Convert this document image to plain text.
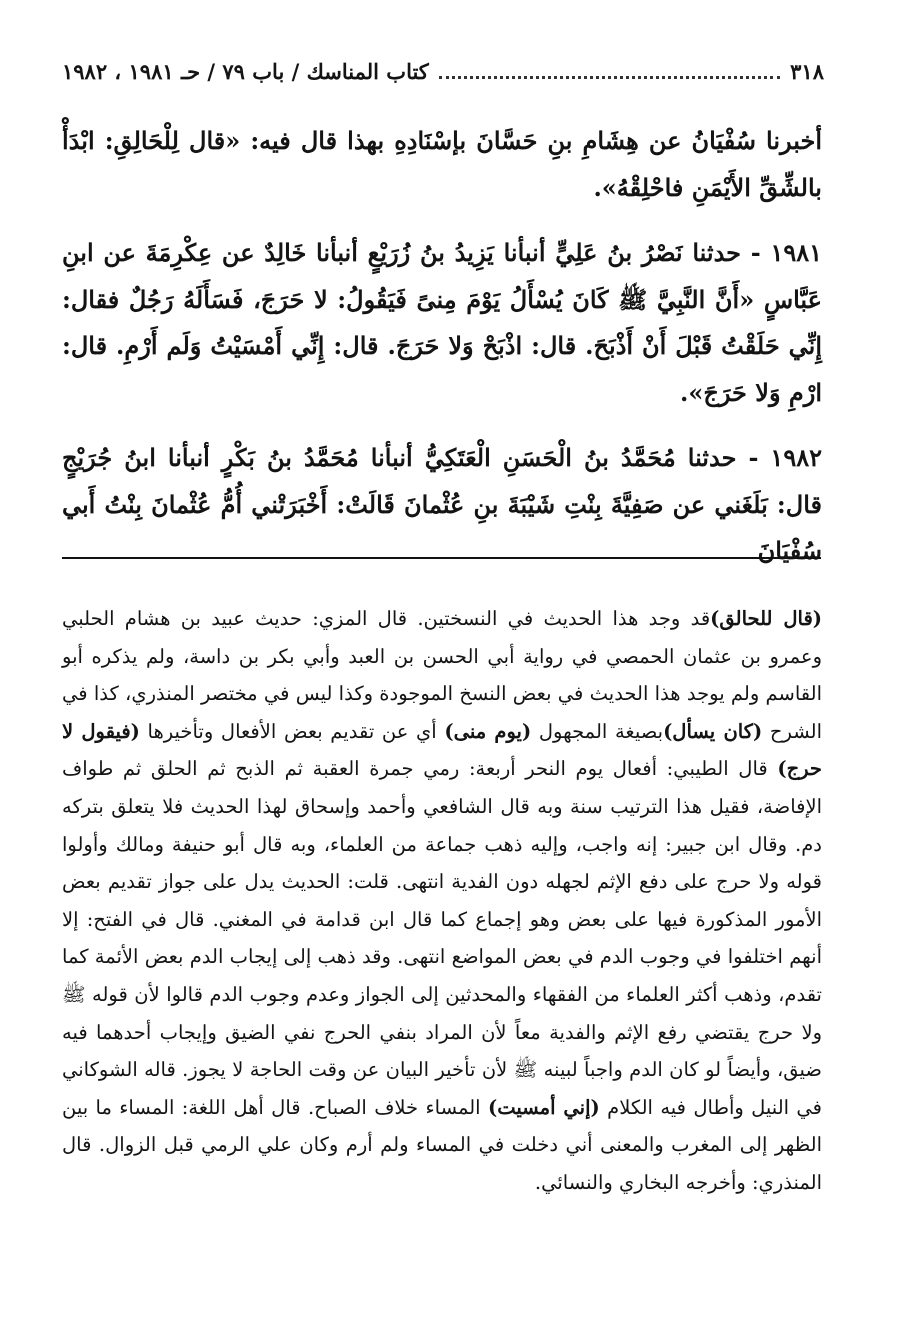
٣١٨
كتاب المناسك / باب ٧٩ / حـ ١٩٨١ ، ١٩٨٢

أخبرنا سُفْيَانُ عن هِشَامِ بنِ حَسَّانَ بإسْنَادِهِ بهذا قال فيه: «قال لِلْحَالِقِ: ابْدَأْ بالشِّقِّ الأَيْمَنِ فاحْلِقْهُ».

١٩٨١ - حدثنا نَصْرُ بنُ عَلِيٍّ أنبأنا يَزِيدُ بنُ زُرَيْعٍ أنبأنا خَالِدٌ عن عِكْرِمَةَ عن ابنِ عَبَّاسٍ «أَنَّ النَّبِيَّ ﷺ كَانَ يُسْأَلُ يَوْمَ مِنىً فَيَقُولُ: لا حَرَجَ، فَسَأَلَهُ رَجُلٌ فقال: إِنِّي حَلَقْتُ قَبْلَ أَنْ أَذْبَحَ. قال: اذْبَحْ وَلا حَرَجَ. قال: إِنِّي أَمْسَيْتُ وَلَم أَرْمِ. قال: ارْمِ وَلا حَرَجَ».

١٩٨٢ - حدثنا مُحَمَّدُ بنُ الْحَسَنِ الْعَتَكِيُّ أنبأنا مُحَمَّدُ بنُ بَكْرٍ أنبأنا ابنُ جُرَيْجٍ قال: بَلَغَني عن صَفِيَّةَ بِنْتِ شَيْبَةَ بنِ عُثْمانَ قَالَتْ: أَخْبَرَتْني أُمُّ عُثْمانَ بِنْتُ أَبي سُفْيَانَ

(قال للحالق)قد وجد هذا الحديث في النسختين. قال المزي: حديث عبيد بن هشام الحلبي وعمرو بن عثمان الحمصي في رواية أبي الحسن بن العبد وأبي بكر بن داسة، ولم يذكره أبو القاسم ولم يوجد هذا الحديث في بعض النسخ الموجودة وكذا ليس في مختصر المنذري، كذا في الشرح (كان يسأل)بصيغة المجهول (يوم منى) أي عن تقديم بعض الأفعال وتأخيرها (فيقول لا حرج) قال الطيبي: أفعال يوم النحر أربعة: رمي جمرة العقبة ثم الذبح ثم الحلق ثم طواف الإفاضة، فقيل هذا الترتيب سنة وبه قال الشافعي وأحمد وإسحاق لهذا الحديث فلا يتعلق بتركه دم. وقال ابن جبير: إنه واجب، وإليه ذهب جماعة من العلماء، وبه قال أبو حنيفة ومالك وأولوا قوله ولا حرج على دفع الإثم لجهله دون الفدية انتهى. قلت: الحديث يدل على جواز تقديم بعض الأمور المذكورة فيها على بعض وهو إجماع كما قال ابن قدامة في المغني. قال في الفتح: إلا أنهم اختلفوا في وجوب الدم في بعض المواضع انتهى. وقد ذهب إلى إيجاب الدم بعض الأئمة كما تقدم، وذهب أكثر العلماء من الفقهاء والمحدثين إلى الجواز وعدم وجوب الدم قالوا لأن قوله ﷺ ولا حرج يقتضي رفع الإثم والفدية معاً لأن المراد بنفي الحرج نفي الضيق وإيجاب أحدهما فيه ضيق، وأيضاً لو كان الدم واجباً لبينه ﷺ لأن تأخير البيان عن وقت الحاجة لا يجوز. قاله الشوكاني في النيل وأطال فيه الكلام (إني أمسيت) المساء خلاف الصباح. قال أهل اللغة: المساء ما بين الظهر إلى المغرب والمعنى أني دخلت في المساء ولم أرم وكان علي الرمي قبل الزوال. قال المنذري: وأخرجه البخاري والنسائي.
